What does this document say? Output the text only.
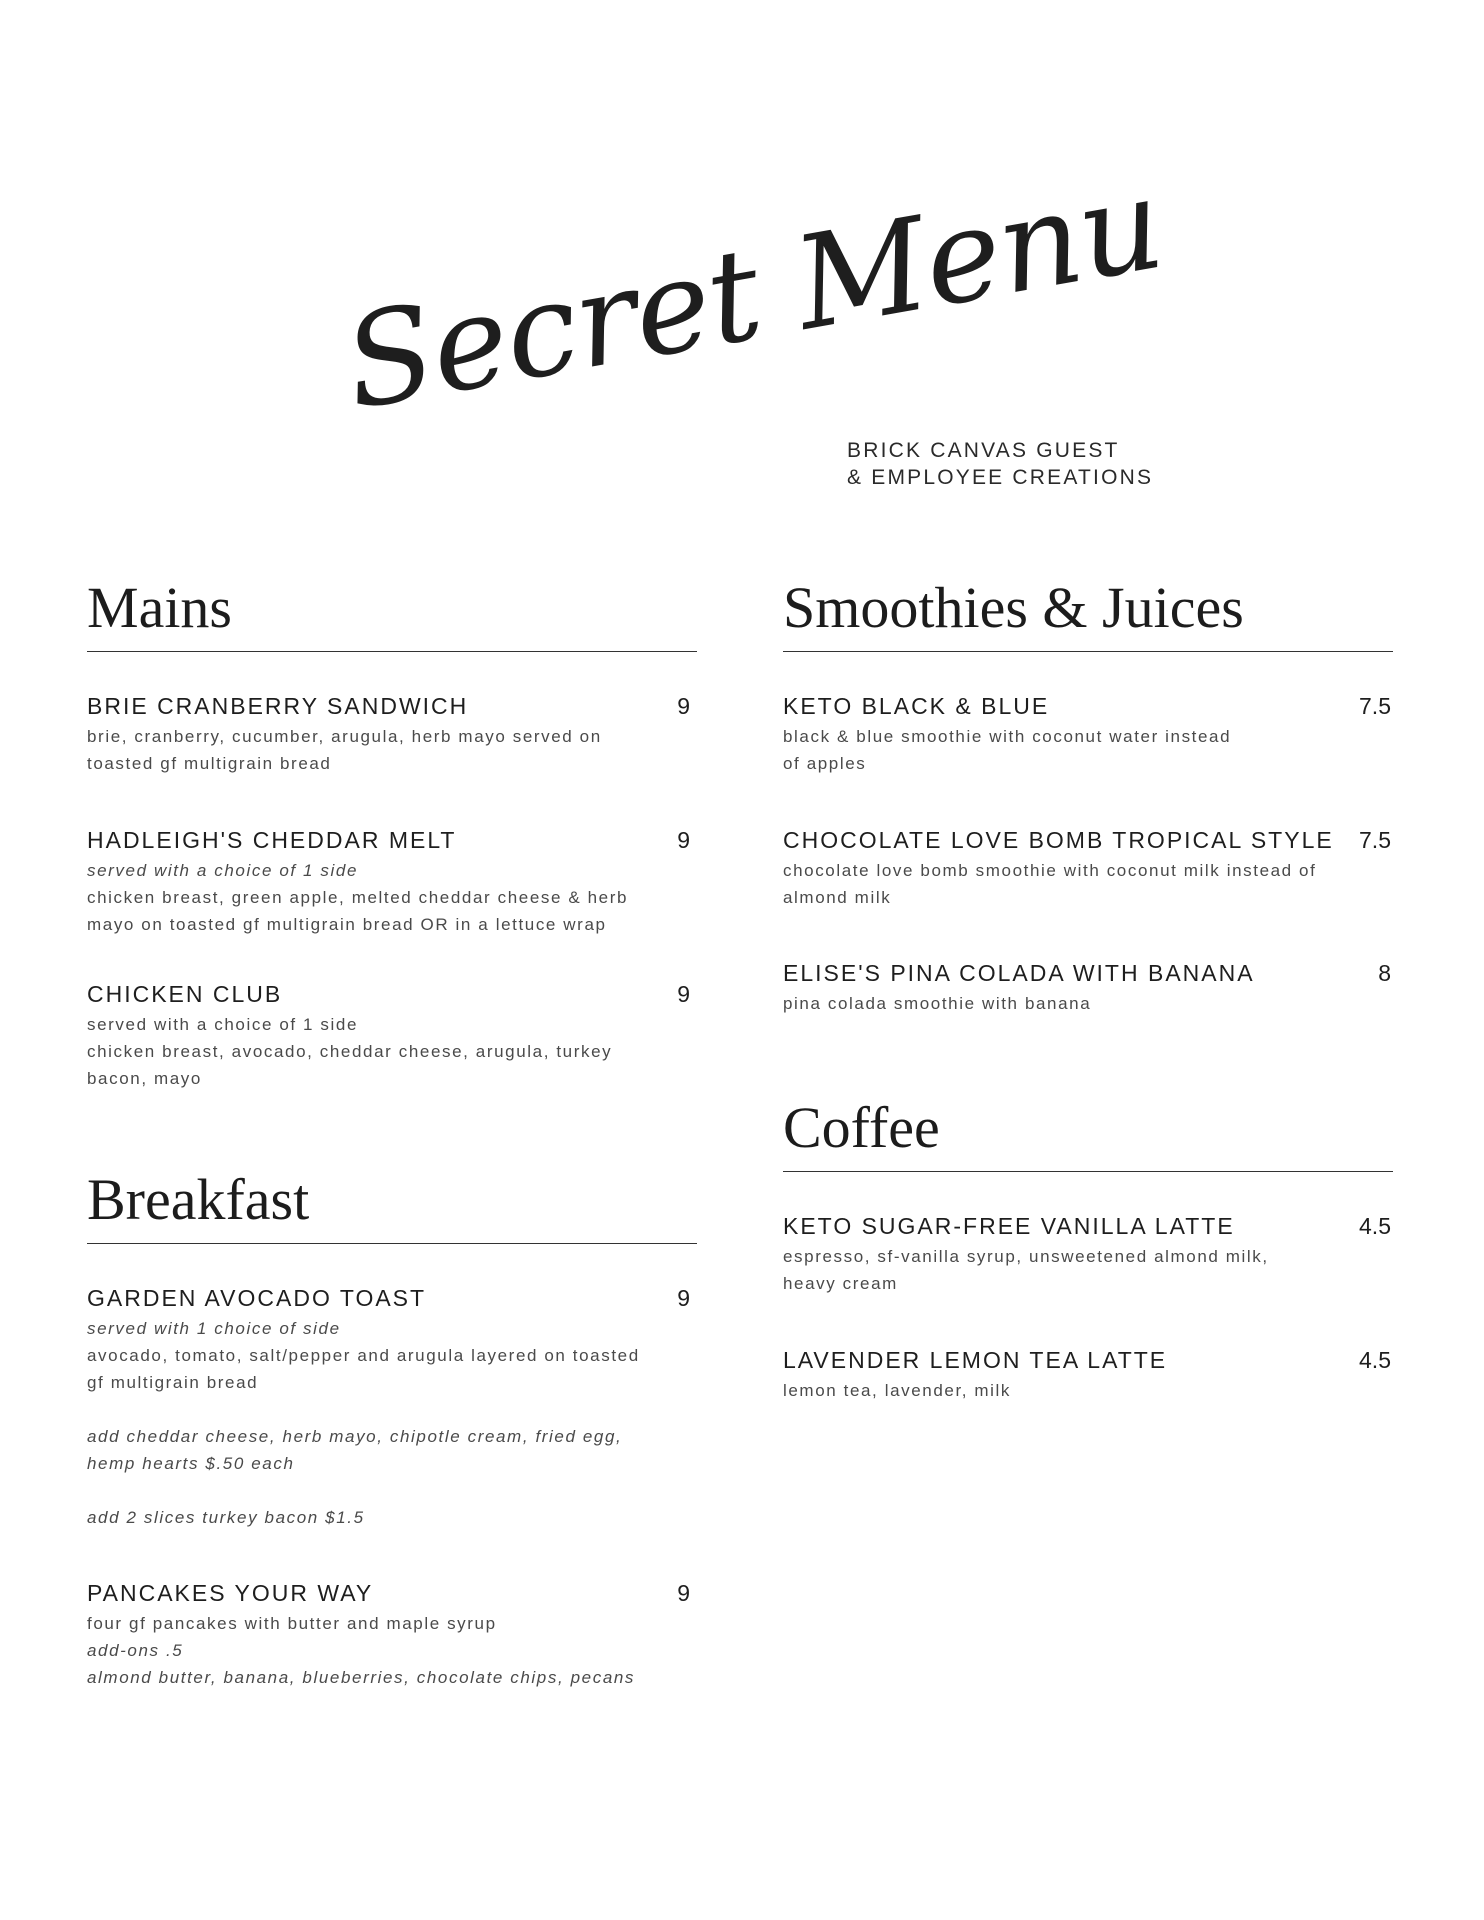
Secret Menu
BRICK CANVAS GUEST
& EMPLOYEE CREATIONS
Mains
BRIE CRANBERRY SANDWICH	9
brie, cranberry, cucumber, arugula, herb mayo served on
toasted gf multigrain bread
HADLEIGH'S CHEDDAR MELT	9
served with a choice of 1 side
chicken breast, green apple, melted cheddar cheese & herb
mayo on toasted gf multigrain bread OR in a lettuce wrap
CHICKEN CLUB	9
served with a choice of 1 side
chicken breast, avocado, cheddar cheese, arugula, turkey
bacon, mayo
Breakfast
GARDEN AVOCADO TOAST	9
served with 1 choice of side
avocado, tomato, salt/pepper and arugula layered on toasted
gf multigrain bread
add cheddar cheese, herb mayo, chipotle cream, fried egg,
hemp hearts $.50 each
add 2 slices turkey bacon $1.5
PANCAKES YOUR WAY	9
four gf pancakes with butter and maple syrup
add-ons .5
almond butter, banana, blueberries, chocolate chips, pecans
Smoothies & Juices
KETO BLACK & BLUE	7.5
black & blue smoothie with coconut water instead
of apples
CHOCOLATE LOVE BOMB TROPICAL STYLE 7.5
chocolate love bomb smoothie with coconut milk instead of
almond milk
ELISE'S PINA COLADA WITH BANANA	8
pina colada smoothie with banana
Coffee
KETO SUGAR-FREE VANILLA LATTE	4.5
espresso, sf-vanilla syrup, unsweetened almond milk,
heavy cream
LAVENDER LEMON TEA LATTE	4.5
lemon tea, lavender, milk
